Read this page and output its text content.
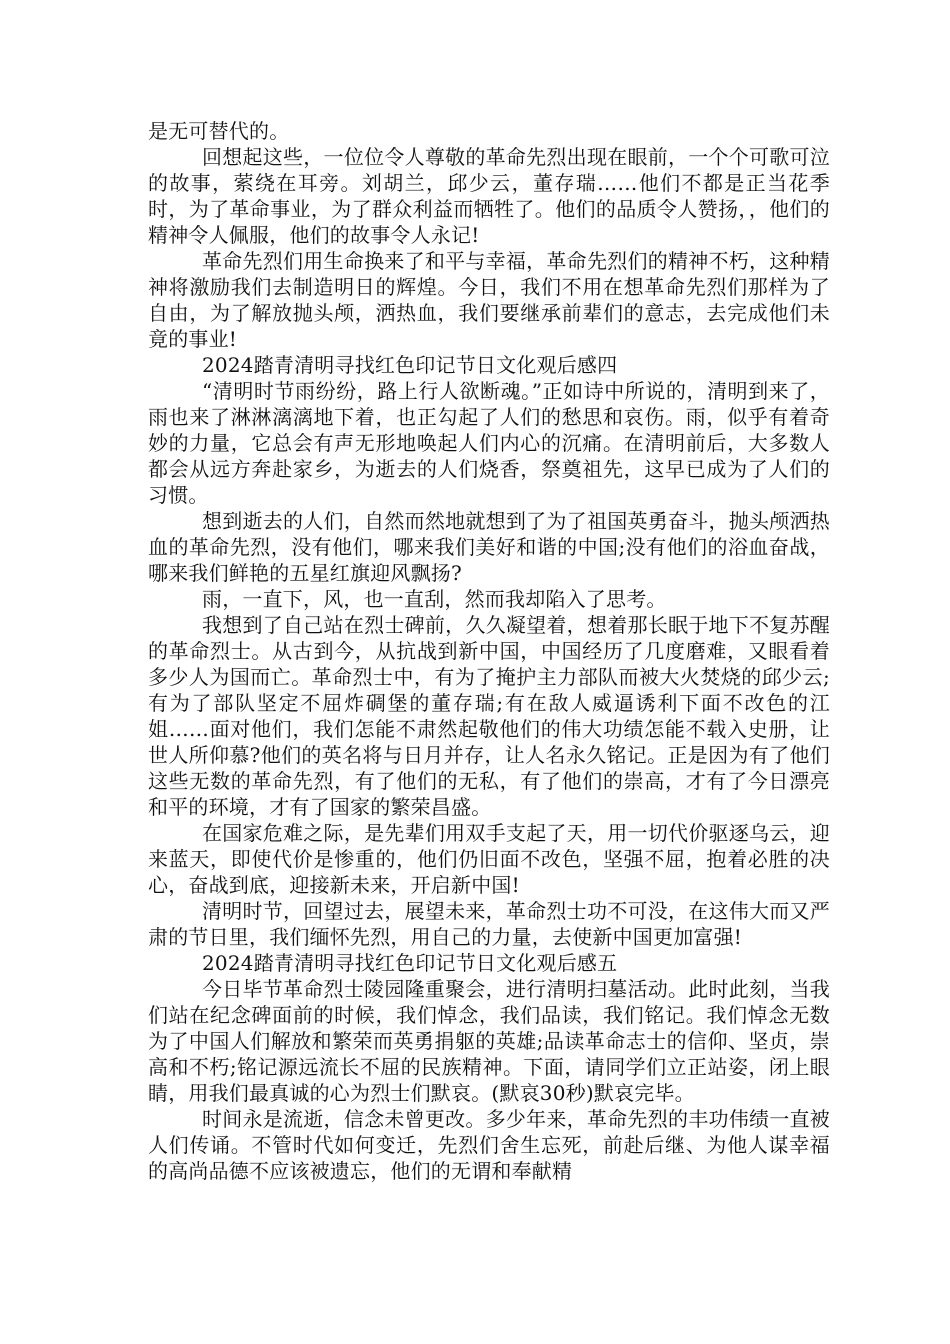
是无可替代的。

回想起这些，一位位令人尊敬的革命先烈出现在眼前，一个个可歌可泣的故事，萦绕在耳旁。刘胡兰，邱少云，董存瑞……他们不都是正当花季时，为了革命事业，为了群众利益而牺牲了。他们的品质令人赞扬，，他们的精神令人佩服，他们的故事令人永记!

革命先烈们用生命换来了和平与幸福，革命先烈们的精神不朽，这种精神将激励我们去制造明日的辉煌。今日，我们不用在想革命先烈们那样为了自由，为了解放抛头颅，洒热血，我们要继承前辈们的意志，去完成他们未竟的事业!

2024踏青清明寻找红色印记节日文化观后感四

“清明时节雨纷纷，路上行人欲断魂。”正如诗中所说的，清明到来了，雨也来了淋淋漓漓地下着，也正勾起了人们的愁思和哀伤。雨，似乎有着奇妙的力量，它总会有声无形地唤起人们内心的沉痛。在清明前后，大多数人都会从远方奔赴家乡，为逝去的人们烧香，祭奠祖先，这早已成为了人们的习惯。

想到逝去的人们，自然而然地就想到了为了祖国英勇奋斗，抛头颅洒热血的革命先烈，没有他们，哪来我们美好和谐的中国;没有他们的浴血奋战，哪来我们鲜艳的五星红旗迎风飘扬?

雨，一直下，风，也一直刮，然而我却陷入了思考。

我想到了自己站在烈士碑前，久久凝望着，想着那长眠于地下不复苏醒的革命烈士。从古到今，从抗战到新中国，中国经历了几度磨难，又眼看着多少人为国而亡。革命烈士中，有为了掩护主力部队而被大火焚烧的邱少云;有为了部队坚定不屈炸碉堡的董存瑞;有在敌人威逼诱利下面不改色的江姐……面对他们，我们怎能不肃然起敬他们的伟大功绩怎能不载入史册，让世人所仰慕?他们的英名将与日月并存，让人名永久铭记。正是因为有了他们这些无数的革命先烈，有了他们的无私，有了他们的崇高，才有了今日漂亮和平的环境，才有了国家的繁荣昌盛。

在国家危难之际，是先辈们用双手支起了天，用一切代价驱逐乌云，迎来蓝天，即使代价是惨重的，他们仍旧面不改色，坚强不屈，抱着必胜的决心，奋战到底，迎接新未来，开启新中国!

清明时节，回望过去，展望未来，革命烈士功不可没，在这伟大而又严肃的节日里，我们缅怀先烈，用自己的力量，去使新中国更加富强!

2024踏青清明寻找红色印记节日文化观后感五

今日毕节革命烈士陵园隆重聚会，进行清明扫墓活动。此时此刻，当我们站在纪念碑面前的时候，我们悼念，我们品读，我们铭记。我们悼念无数为了中国人们解放和繁荣而英勇捐躯的英雄;品读革命志士的信仰、坚贞，崇高和不朽;铭记源远流长不屈的民族精神。下面，请同学们立正站姿，闭上眼睛，用我们最真诚的心为烈士们默哀。(默哀30秒)默哀完毕。

时间永是流逝，信念未曾更改。多少年来，革命先烈的丰功伟绩一直被人们传诵。不管时代如何变迁，先烈们舍生忘死，前赴后继、为他人谋幸福的高尚品德不应该被遗忘，他们的无谓和奉献精
